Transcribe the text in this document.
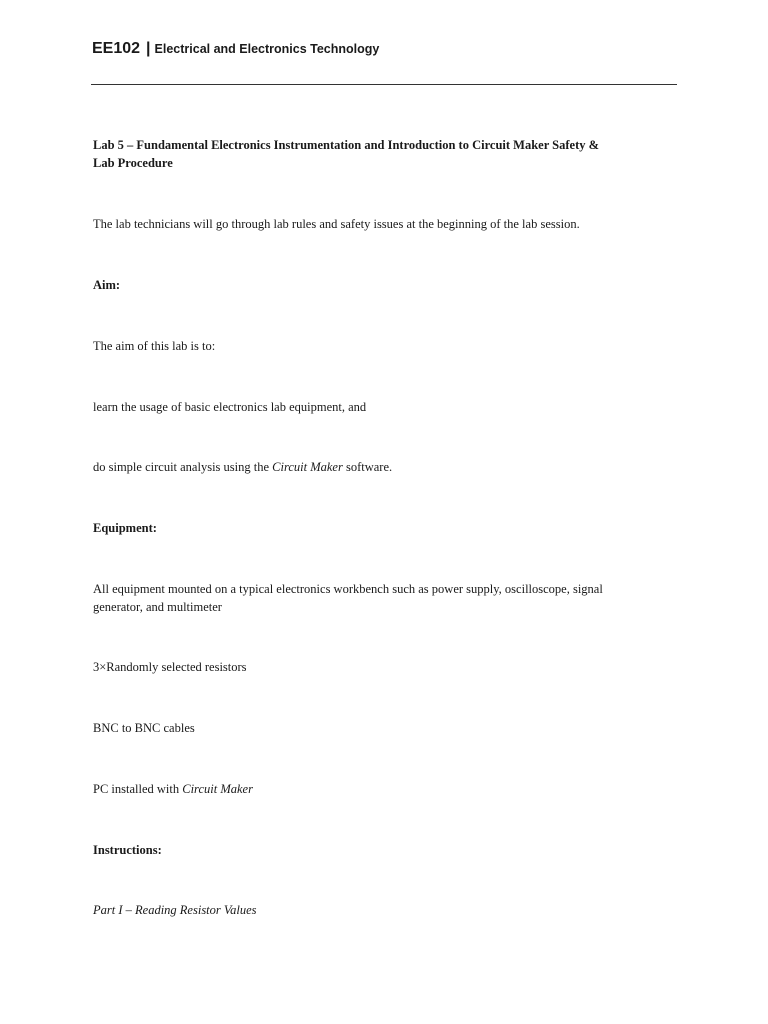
EE102 | Electrical and Electronics Technology

Lab 5 – Fundamental Electronics Instrumentation and Introduction to Circuit Maker Safety &
Lab Procedure

The lab technicians will go through lab rules and safety issues at the beginning of the lab session.

Aim:

The aim of this lab is to:

learn the usage of basic electronics lab equipment, and

do simple circuit analysis using the Circuit Maker software.

Equipment:

All equipment mounted on a typical electronics workbench such as power supply, oscilloscope, signal
generator, and multimeter

3×Randomly selected resistors

BNC to BNC cables

PC installed with Circuit Maker

Instructions:

Part I – Reading Resistor Values
